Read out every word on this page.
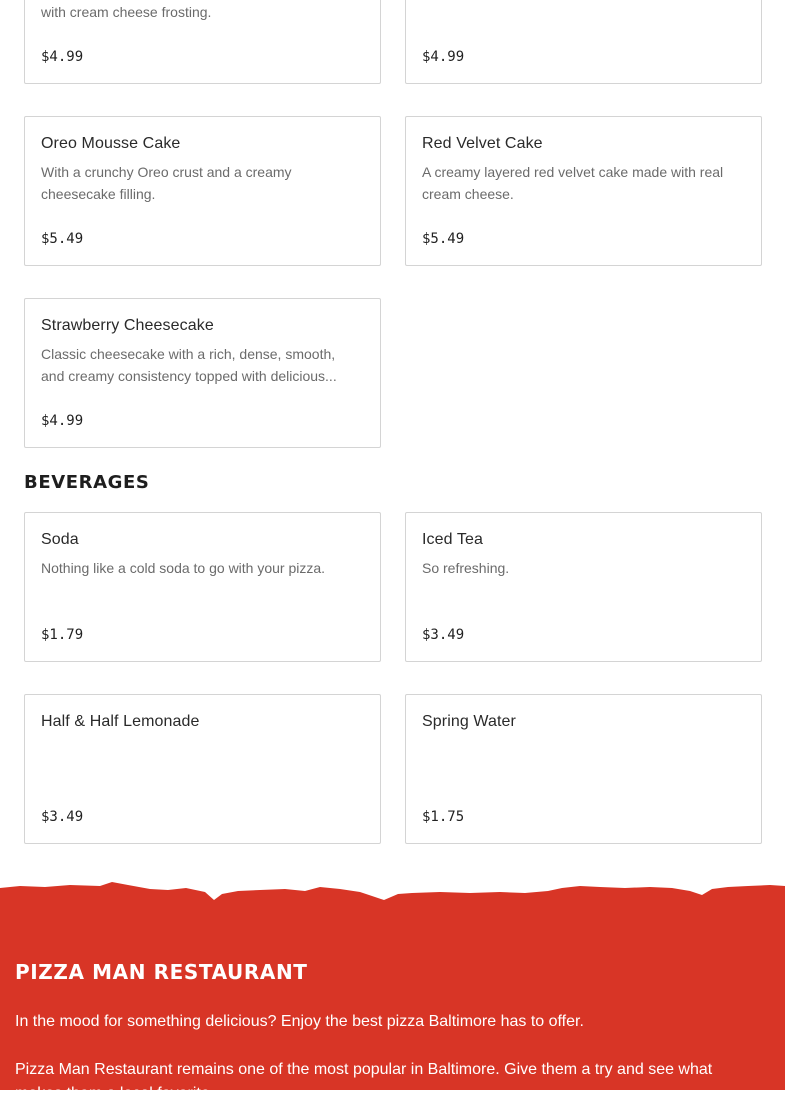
with cream cheese frosting.
$4.99	$4.99
Oreo Mousse Cake
With a crunchy Oreo crust and a creamy cheesecake filling.
$5.49
Red Velvet Cake
A creamy layered red velvet cake made with real cream cheese.
$5.49
Strawberry Cheesecake
Classic cheesecake with a rich, dense, smooth, and creamy consistency topped with delicious...
$4.99
BEVERAGES
Soda
Nothing like a cold soda to go with your pizza.
$1.79
Iced Tea
So refreshing.
$3.49
Half & Half Lemonade
$3.49
Spring Water
$1.75
PIZZA MAN RESTAURANT

In the mood for something delicious? Enjoy the best pizza Baltimore has to offer.

Pizza Man Restaurant remains one of the most popular in Baltimore. Give them a try and see what makes them a local favorite.
